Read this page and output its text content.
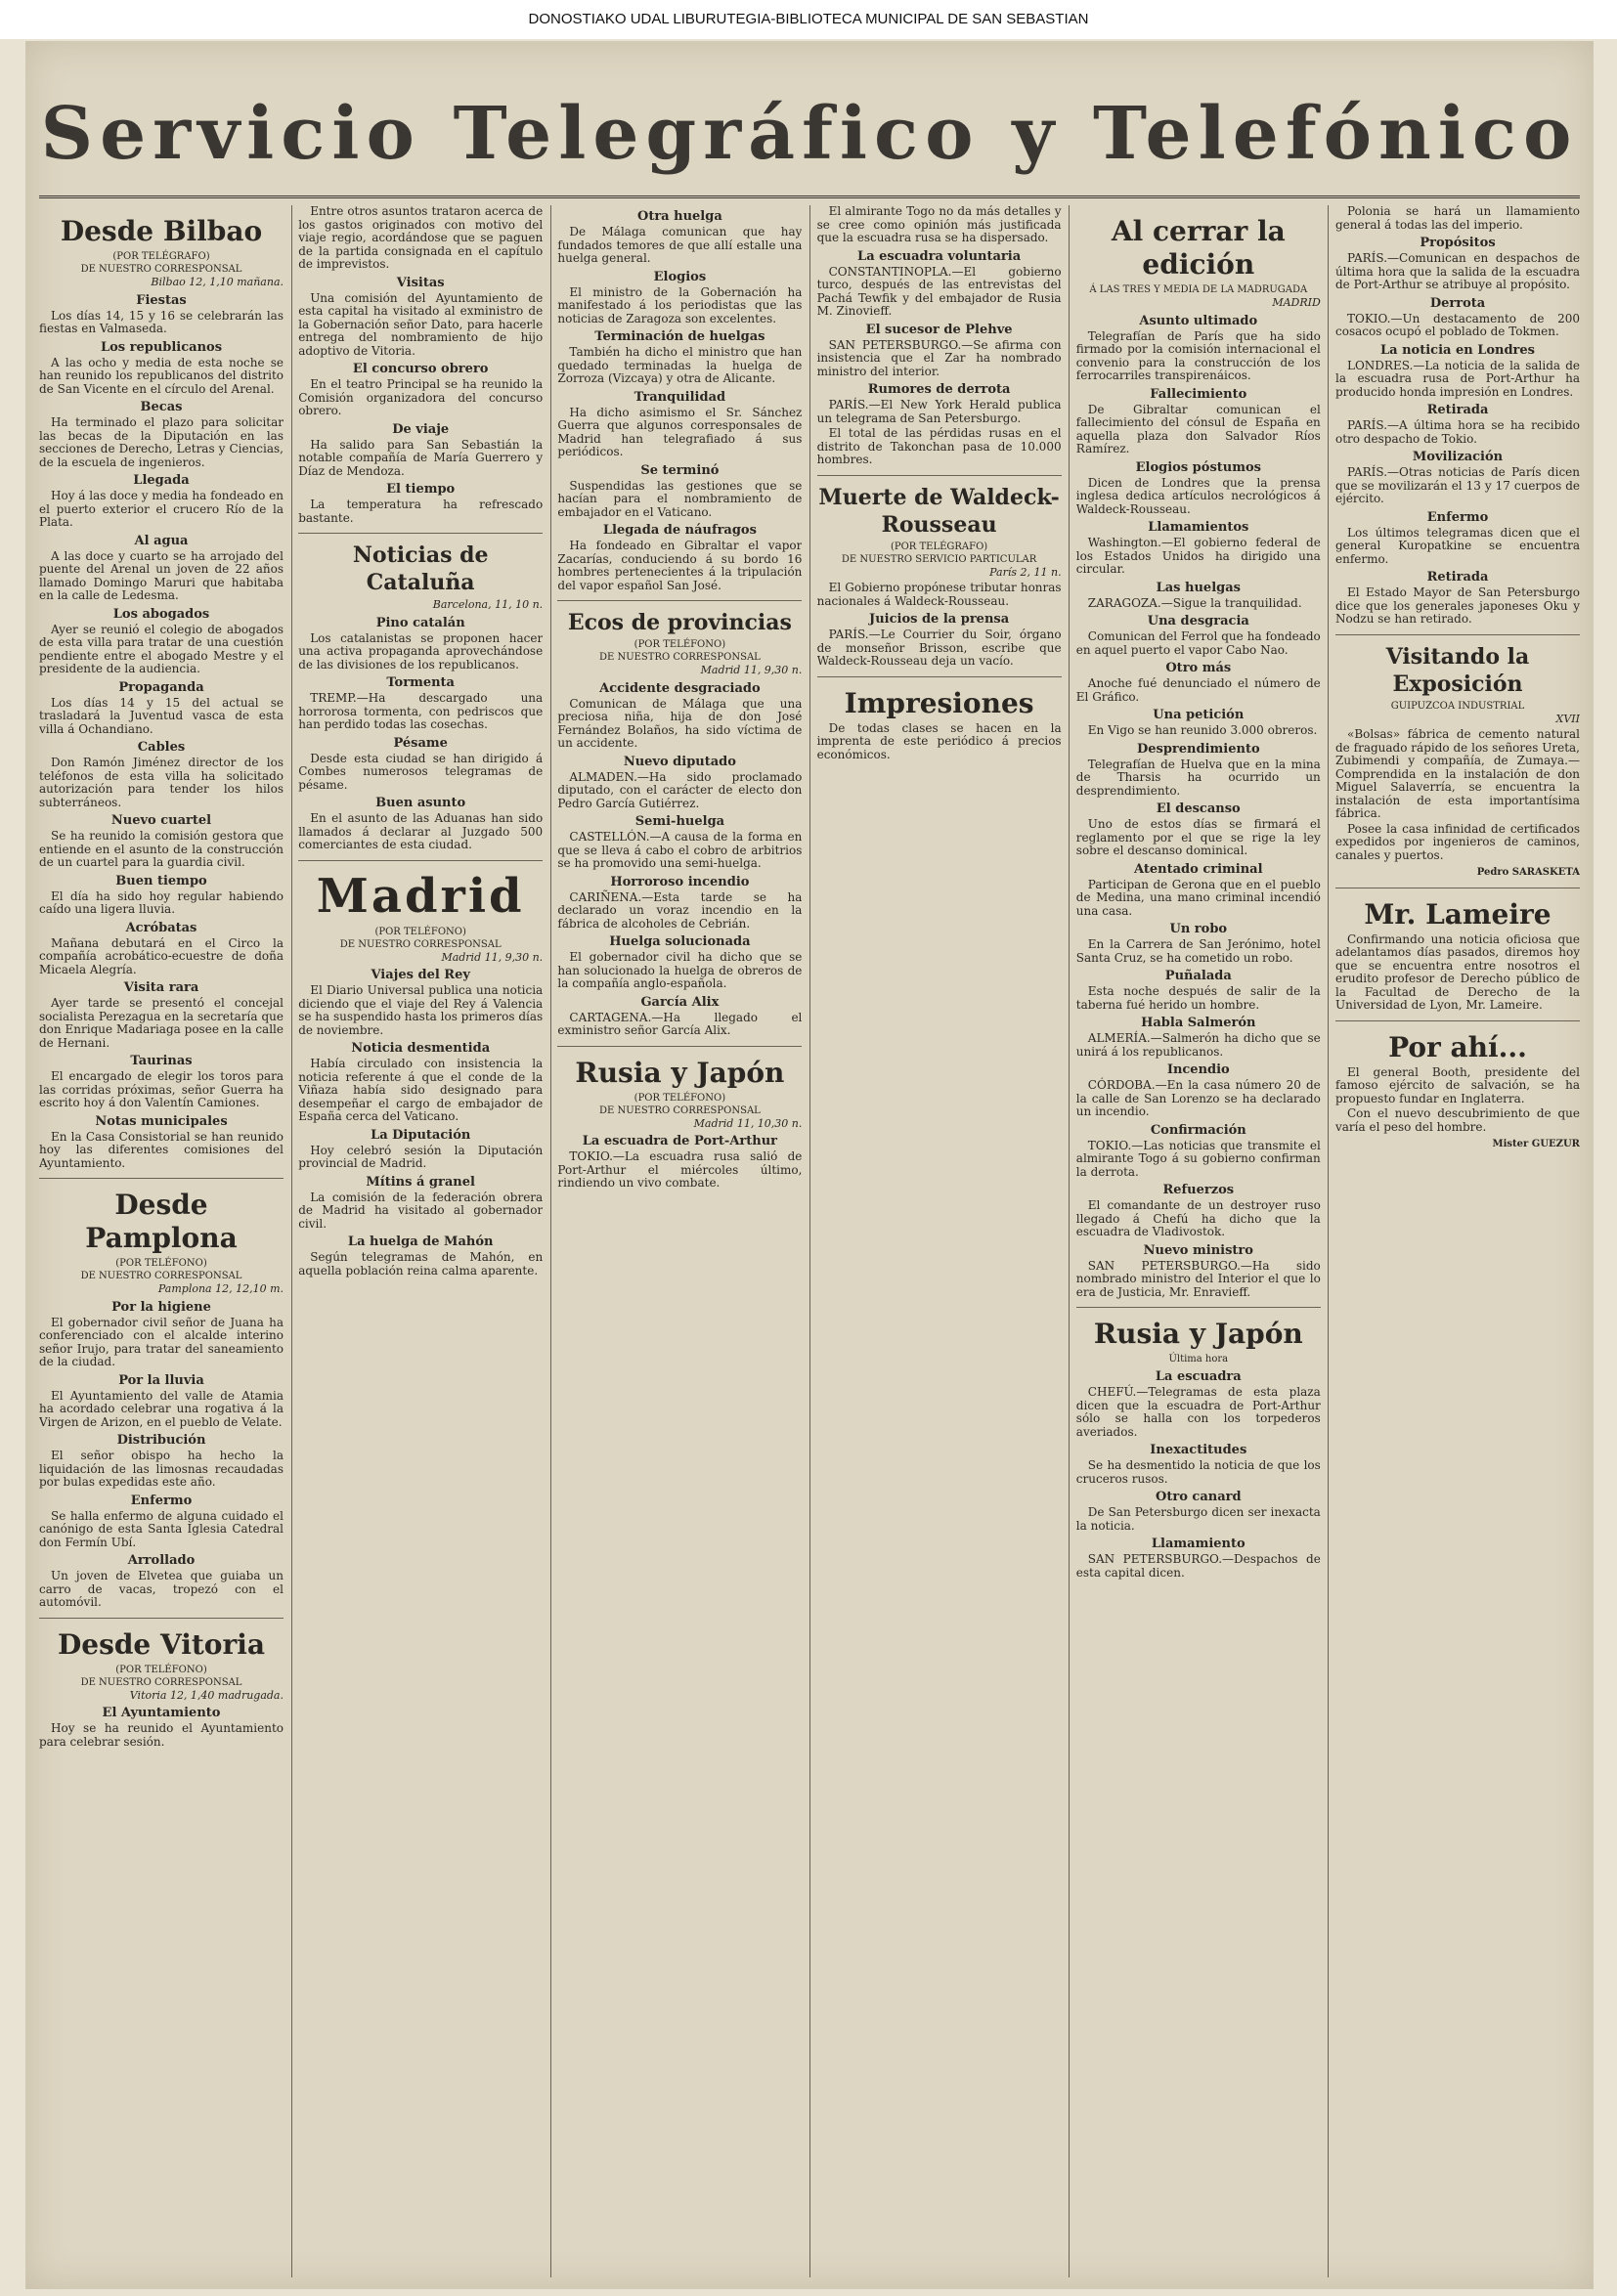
DONOSTIAKO UDAL LIBURUTEGIA-BIBLIOTECA MUNICIPAL DE SAN SEBASTIAN
Servicio Telegráfico y Telefónico
Desde Bilbao
(POR TELÉGRAFO)
DE NUESTRO CORRESPONSAL
Bilbao 12, 1,10 mañana.
Fiestas

Los días 14, 15 y 16 se celebrarán las fiestas en Valmaseda.

Los republicanos

A las ocho y media de esta noche se han reunido los republicanos del distrito de San Vicente en el círculo del Arenal.

Becas

Ha terminado el plazo para solicitar las becas de la Diputación en las secciones de Derecho, Letras y Ciencias, de la escuela de ingenieros.

Llegada

Hoy á las doce y media ha fondeado en el puerto exterior el crucero Río de la Plata.

Al agua

A las doce y cuarto se ha arrojado del puente del Arenal un joven de 22 años llamado Domingo Maruri que habitaba en la calle de Ledesma.

Los abogados

Ayer se reunió el colegio de abogados de esta villa para tratar de una cuestión pendiente entre el abogado Mestre y el presidente de la audiencia.

Propaganda

Los días 14 y 15 del actual se trasladará la Juventud vasca de esta villa á Ochandiano.

Cables

Don Ramón Jiménez director de los teléfonos de esta villa ha solicitado autorización para tender los hilos subterráneos.

Nuevo cuartel

Se ha reunido la comisión gestora que entiende en el asunto de la construcción de un cuartel para la guardia civil.

Buen tiempo

El día ha sido hoy regular habiendo caído una ligera lluvia.

Acróbatas

Mañana debutará en el Circo la compañía acrobático-ecuestre de doña Micaela Alegría.

Visita rara

Ayer tarde se presentó el concejal socialista Perezagua en la secretaría que don Enrique Madariaga posee en la calle de Hernani.

Taurinas

El encargado de elegir los toros para las corridas próximas, señor Guerra ha escrito hoy á don Valentín Camiones.

Notas municipales

En la Casa Consistorial se han reunido hoy las diferentes comisiones del Ayuntamiento.

Desde Pamplona
(POR TELÉFONO)
DE NUESTRO CORRESPONSAL
Pamplona 12, 12,10 m.
Por la higiene

El gobernador civil señor de Juana ha conferenciado con el alcalde interino señor Irujo, para tratar del saneamiento de la ciudad.

Por la lluvia

El Ayuntamiento del valle de Atamia ha acordado celebrar una rogativa á la Virgen de Arizon, en el pueblo de Velate.

Distribución

El señor obispo ha hecho la liquidación de las limosnas recaudadas por bulas expedidas este año.

Enfermo

Se halla enfermo de alguna cuidado el canónigo de esta Santa Iglesia Catedral don Fermín Ubí.

Arrollado

Un joven de Elvetea que guiaba un carro de vacas, tropezó con el automóvil.

Desde Vitoria
(POR TELÉFONO)
DE NUESTRO CORRESPONSAL
Vitoria 12, 1,40 madrugada.
El Ayuntamiento

Hoy se ha reunido el Ayuntamiento para celebrar sesión.

Entre otros asuntos trataron acerca de los gastos originados con motivo del viaje regio, acordándose que se paguen de la partida consignada en el capítulo de imprevistos.

Visitas

Una comisión del Ayuntamiento de esta capital ha visitado al exministro de la Gobernación señor Dato, para hacerle entrega del nombramiento de hijo adoptivo de Vitoria.

El concurso obrero

En el teatro Principal se ha reunido la Comisión organizadora del concurso obrero.

De viaje

Ha salido para San Sebastián la notable compañía de María Guerrero y Díaz de Mendoza.

El tiempo

La temperatura ha refrescado bastante.

Noticias de Cataluña
Barcelona, 11, 10 n.
Pino catalán

Los catalanistas se proponen hacer una activa propaganda aprovechándose de las divisiones de los republicanos.

Tormenta

TREMP.—Ha descargado una horrorosa tormenta, con pedriscos que han perdido todas las cosechas.

Pésame

Desde esta ciudad se han dirigido á Combes numerosos telegramas de pésame.

Buen asunto

En el asunto de las Aduanas han sido llamados á declarar al Juzgado 500 comerciantes de esta ciudad.

Madrid
(POR TELÉFONO)
DE NUESTRO CORRESPONSAL
Madrid 11, 9,30 n.
Viajes del Rey

El Diario Universal publica una noticia diciendo que el viaje del Rey á Valencia se ha suspendido hasta los primeros días de noviembre.

Noticia desmentida

Había circulado con insistencia la noticia referente á que el conde de la Viñaza había sido designado para desempeñar el cargo de embajador de España cerca del Vaticano.

La Diputación

Hoy celebró sesión la Diputación provincial de Madrid.

Mítins á granel

La comisión de la federación obrera de Madrid ha visitado al gobernador civil.

La huelga de Mahón

Según telegramas de Mahón, en aquella población reina calma aparente.

Otra huelga

De Málaga comunican que hay fundados temores de que allí estalle una huelga general.

Elogios

El ministro de la Gobernación ha manifestado á los periodistas que las noticias de Zaragoza son excelentes.

Terminación de huelgas

También ha dicho el ministro que han quedado terminadas la huelga de Zorroza (Vizcaya) y otra de Alicante.

Tranquilidad

Ha dicho asimismo el Sr. Sánchez Guerra que algunos corresponsales de Madrid han telegrafiado á sus periódicos.

Se terminó

Suspendidas las gestiones que se hacían para el nombramiento de embajador en el Vaticano.

Llegada de náufragos

Ha fondeado en Gibraltar el vapor Zacarías, conduciendo á su bordo 16 hombres pertenecientes á la tripulación del vapor español San José.

Ecos de provincias
(POR TELÉFONO)
DE NUESTRO CORRESPONSAL
Madrid 11, 9,30 n.
Accidente desgraciado

Comunican de Málaga que una preciosa niña, hija de don José Fernández Bolaños, ha sido víctima de un accidente.

Nuevo diputado

ALMADEN.—Ha sido proclamado diputado, con el carácter de electo don Pedro García Gutiérrez.

Semi-huelga

CASTELLÓN.—A causa de la forma en que se lleva á cabo el cobro de arbitrios se ha promovido una semi-huelga.

Horroroso incendio

CARIÑENA.—Esta tarde se ha declarado un voraz incendio en la fábrica de alcoholes de Cebrián.

Huelga solucionada

El gobernador civil ha dicho que se han solucionado la huelga de obreros de la compañía anglo-española.

García Alix

CARTAGENA.—Ha llegado el exministro señor García Alix.

Rusia y Japón
(POR TELÉFONO)
DE NUESTRO CORRESPONSAL
Madrid 11, 10,30 n.
La escuadra de Port-Arthur

TOKIO.—La escuadra rusa salió de Port-Arthur el miércoles último, rindiendo un vivo combate.

El almirante Togo no da más detalles y se cree como opinión más justificada que la escuadra rusa se ha dispersado.

La escuadra voluntaria

CONSTANTINOPLA.—El gobierno turco, después de las entrevistas del Pachá Tewfik y del embajador de Rusia M. Zinovieff.

El sucesor de Plehve

SAN PETERSBURGO.—Se afirma con insistencia que el Zar ha nombrado ministro del interior.

Rumores de derrota

PARÍS.—El New York Herald publica un telegrama de San Petersburgo.

El total de las pérdidas rusas en el distrito de Takonchan pasa de 10.000 hombres.

Muerte de Waldeck-Rousseau
(POR TELÉGRAFO)
DE NUESTRO SERVICIO PARTICULAR
París 2, 11 n.

El Gobierno propónese tributar honras nacionales á Waldeck-Rousseau.

Juicios de la prensa

PARÍS.—Le Courrier du Soir, órgano de monseñor Brisson, escribe que Waldeck-Rousseau deja un vacío.

Impresiones

De todas clases se hacen en la imprenta de este periódico á precios económicos.

Al cerrar la edición
Á LAS TRES Y MEDIA DE LA MADRUGADA
MADRID
Asunto ultimado

Telegrafían de París que ha sido firmado por la comisión internacional el convenio para la construcción de los ferrocarriles transpirenáicos.

Fallecimiento

De Gibraltar comunican el fallecimiento del cónsul de España en aquella plaza don Salvador Ríos Ramírez.

Elogios póstumos

Dicen de Londres que la prensa inglesa dedica artículos necrológicos á Waldeck-Rousseau.

Llamamientos

Washington.—El gobierno federal de los Estados Unidos ha dirigido una circular.

Las huelgas

ZARAGOZA.—Sigue la tranquilidad.

Una desgracia

Comunican del Ferrol que ha fondeado en aquel puerto el vapor Cabo Nao.

Otro más

Anoche fué denunciado el número de El Gráfico.

Una petición

En Vigo se han reunido 3.000 obreros.

Desprendimiento

Telegrafían de Huelva que en la mina de Tharsis ha ocurrido un desprendimiento.

El descanso

Uno de estos días se firmará el reglamento por el que se rige la ley sobre el descanso dominical.

Atentado criminal

Participan de Gerona que en el pueblo de Medina, una mano criminal incendió una casa.

Un robo

En la Carrera de San Jerónimo, hotel Santa Cruz, se ha cometido un robo.

Puñalada

Esta noche después de salir de la taberna fué herido un hombre.

Habla Salmerón

ALMERÍA.—Salmerón ha dicho que se unirá á los republicanos.

Incendio

CÓRDOBA.—En la casa número 20 de la calle de San Lorenzo se ha declarado un incendio.

Confirmación

TOKIO.—Las noticias que transmite el almirante Togo á su gobierno confirman la derrota.

Refuerzos

El comandante de un destroyer ruso llegado á Chefú ha dicho que la escuadra de Vladivostok.

Nuevo ministro

SAN PETERSBURGO.—Ha sido nombrado ministro del Interior el que lo era de Justicia, Mr. Enravieff.

Rusia y Japón
Última hora
La escuadra

CHEFÚ.—Telegramas de esta plaza dicen que la escuadra de Port-Arthur sólo se halla con los torpederos averiados.

Inexactitudes

Se ha desmentido la noticia de que los cruceros rusos.

Otro canard

De San Petersburgo dicen ser inexacta la noticia.

Llamamiento

SAN PETERSBURGO.—Despachos de esta capital dicen.

Polonia se hará un llamamiento general á todas las del imperio.

Propósitos

PARÍS.—Comunican en despachos de última hora que la salida de la escuadra de Port-Arthur se atribuye al propósito.

Derrota

TOKIO.—Un destacamento de 200 cosacos ocupó el poblado de Tokmen.

La noticia en Londres

LONDRES.—La noticia de la salida de la escuadra rusa de Port-Arthur ha producido honda impresión en Londres.

Retirada

PARÍS.—A última hora se ha recibido otro despacho de Tokio.

Movilización

PARÍS.—Otras noticias de París dicen que se movilizarán el 13 y 17 cuerpos de ejército.

Enfermo

Los últimos telegramas dicen que el general Kuropatkine se encuentra enfermo.

Retirada

El Estado Mayor de San Petersburgo dice que los generales japoneses Oku y Nodzu se han retirado.

Visitando la Exposición
GUIPUZCOA INDUSTRIAL
XVII

«Bolsas» fábrica de cemento natural de fraguado rápido de los señores Ureta, Zubimendi y compañía, de Zumaya.—Comprendida en la instalación de don Miguel Salaverría, se encuentra la instalación de esta importantísima fábrica.

Posee la casa infinidad de certificados expedidos por ingenieros de caminos, canales y puertos.

Pedro SARASKETA
Mr. Lameire

Confirmando una noticia oficiosa que adelantamos días pasados, diremos hoy que se encuentra entre nosotros el erudito profesor de Derecho público de la Facultad de Derecho de la Universidad de Lyon, Mr. Lameire.

Por ahí...

El general Booth, presidente del famoso ejército de salvación, se ha propuesto fundar en Inglaterra.

Con el nuevo descubrimiento de que varía el peso del hombre.

Mister GUEZUR
